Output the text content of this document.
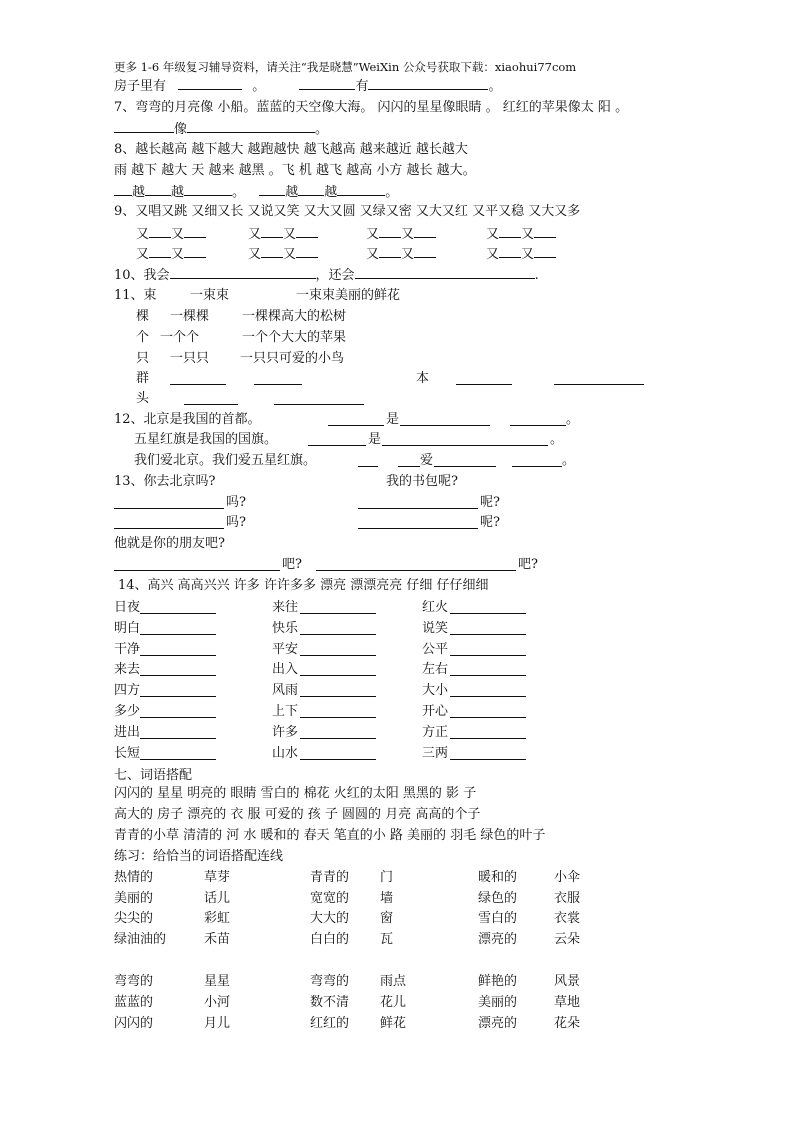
更多 1-6 年级复习辅导资料，请关注“我是晓慧”WeiXin 公众号获取下载：xiaohui77com
房子里有	。	有	。
7、弯弯的月亮像 小船。蓝蓝的天空像大海。 闪闪的星星像眼睛 。 红红的苹果像太 阳 。
像	。
8、越长越高 越下越大 越跑越快 越飞越高 越来越近 越长越大
雨 越下 越大 天 越来 越黑 。飞 机 越飞 越高 小方 越长 越大。
越 越	。	越 越	。
9、又唱又跳 又细又长 又说又笑 又大又圆 又绿又密 又大又红 又平又稳 又大又多
又 又	又 又	又 又	又 又
又 又	又 又	又 又	又 又
10、我会	，还会	.
11、束	一束束	一束束美丽的鲜花
棵 一棵棵	一棵棵高大的松树
个 一个个	一个个大大的苹果
只 一只只 一只只可爱的小鸟
群	本
头
12、北京是我国的首都。	是	。
五星红旗是我国的国旗。	是	。
我们爱北京。我们爱五星红旗。	爱	。
13、你去北京吗?	我的书包呢?
吗?	呢?
吗?	呢?
他就是你的朋友吧?
吧?	吧?
14、高兴 高高兴兴 许多 许许多多 漂亮 漂漂亮亮 仔细 仔仔细细
日夜	来往	红火
明白	快乐	说笑
干净	平安	公平
来去	出入	左右
四方	风雨	大小
多少	上下	开心
进出	许多	方正
长短	山水	三两
七、词语搭配
闪闪的 星星 明亮的 眼睛 雪白的 棉花 火红的太阳 黑黑的 影 子
高大的 房子 漂亮的 衣 服 可爱的 孩 子 圆圆的 月亮 高高的个子
青青的小草 清清的 河 水 暖和的 春天 笔直的小 路 美丽的 羽毛 绿色的叶子
练习：给恰当的词语搭配连线
热情的	草芽	青青的 门	暖和的	小伞
美丽的	话儿	宽宽的 墙	绿色的	衣服
尖尖的	彩虹	大大的 窗	雪白的	衣裳
绿油油的	禾苗	白白的 瓦	漂亮的	云朵
弯弯的	星星	弯弯的 雨点	鲜艳的	风景
蓝蓝的	小河	数不清 花儿	美丽的	草地
闪闪的	月儿	红红的 鲜花	漂亮的	花朵
